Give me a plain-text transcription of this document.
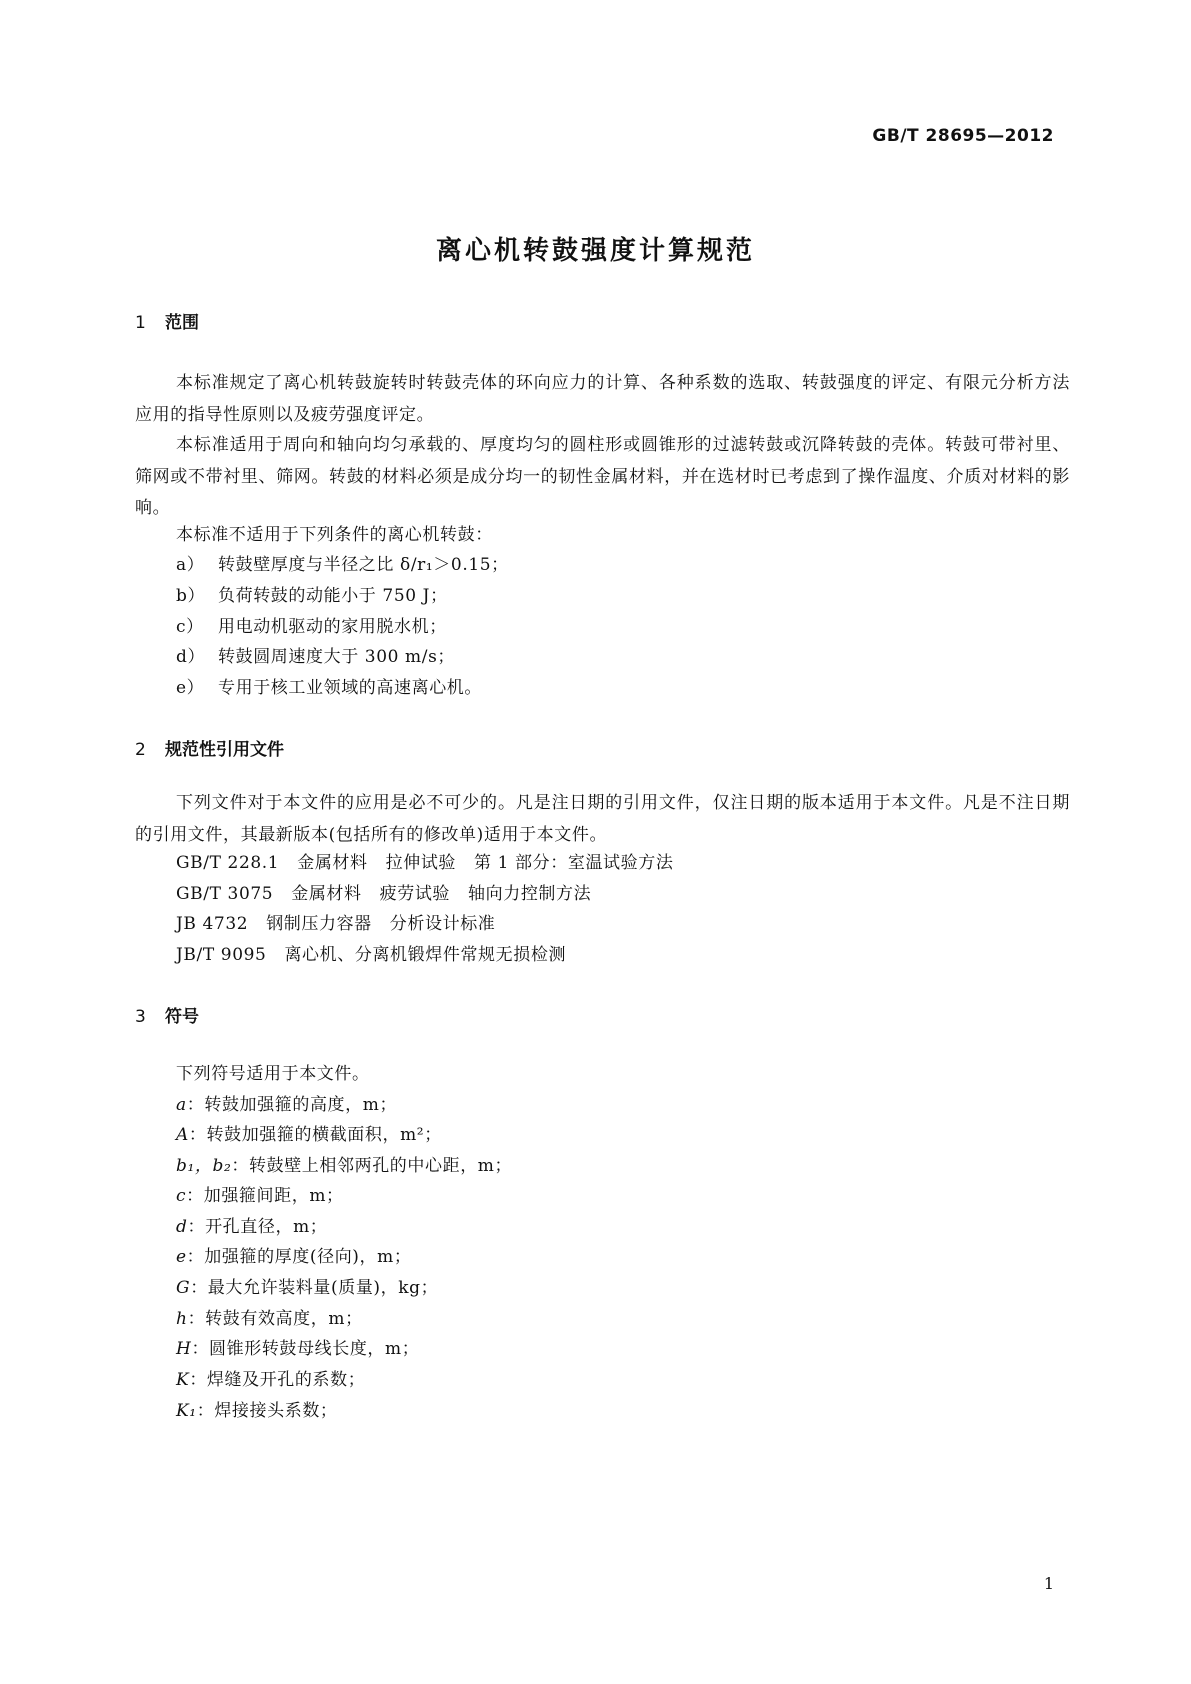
GB/T 28695—2012
离心机转鼓强度计算规范
1 范围
本标准规定了离心机转鼓旋转时转鼓壳体的环向应力的计算、各种系数的选取、转鼓强度的评定、有限元分析方法应用的指导性原则以及疲劳强度评定。
本标准适用于周向和轴向均匀承载的、厚度均匀的圆柱形或圆锥形的过滤转鼓或沉降转鼓的壳体。转鼓可带衬里、筛网或不带衬里、筛网。转鼓的材料必须是成分均一的韧性金属材料，并在选材时已考虑到了操作温度、介质对材料的影响。
本标准不适用于下列条件的离心机转鼓：
a） 转鼓壁厚度与半径之比 δ/r₁＞0.15；
b） 负荷转鼓的动能小于 750 J；
c） 用电动机驱动的家用脱水机；
d） 转鼓圆周速度大于 300 m/s；
e） 专用于核工业领域的高速离心机。
2 规范性引用文件
下列文件对于本文件的应用是必不可少的。凡是注日期的引用文件，仅注日期的版本适用于本文件。凡是不注日期的引用文件，其最新版本(包括所有的修改单)适用于本文件。
GB/T 228.1 金属材料 拉伸试验 第 1 部分：室温试验方法
GB/T 3075 金属材料 疲劳试验 轴向力控制方法
JB 4732 钢制压力容器 分析设计标准
JB/T 9095 离心机、分离机锻焊件常规无损检测
3 符号
下列符号适用于本文件。
a：转鼓加强箍的高度，m；
A：转鼓加强箍的横截面积，m²；
b₁，b₂：转鼓壁上相邻两孔的中心距，m；
c：加强箍间距，m；
d：开孔直径，m；
e：加强箍的厚度(径向)，m；
G：最大允许装料量(质量)，kg；
h：转鼓有效高度，m；
H：圆锥形转鼓母线长度，m；
K：焊缝及开孔的系数；
K₁：焊接接头系数；
1
